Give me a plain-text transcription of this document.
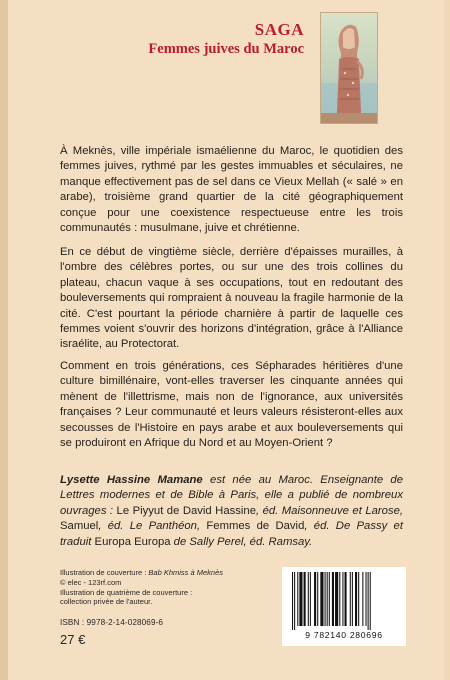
SAGA
Femmes juives du Maroc

À Meknès, ville impériale ismaélienne du Maroc, le quotidien des femmes juives, rythmé par les gestes immuables et séculaires, ne manque effectivement pas de sel dans ce Vieux Mellah (« salé » en arabe), troisième grand quartier de la cité géographiquement conçue pour une coexistence respectueuse entre les trois communautés : musulmane, juive et chrétienne.

En ce début de vingtième siècle, derrière d'épaisses murailles, à l'ombre des célèbres portes, ou sur une des trois collines du plateau, chacun vaque à ses occupations, tout en redoutant des bouleversements qui rompraient à nouveau la fragile harmonie de la cité. C'est pourtant la période charnière à partir de laquelle ces femmes voient s'ouvrir des horizons d'intégration, grâce à l'Alliance israélite, au Protectorat.

Comment en trois générations, ces Sépharades héritières d'une culture bimillénaire, vont-elles traverser les cinquante années qui mènent de l'illettrisme, mais non de l'ignorance, aux universités françaises ? Leur communauté et leurs valeurs résisteront-elles aux secousses de l'Histoire en pays arabe et aux bouleversements qui se produiront en Afrique du Nord et au Moyen-Orient ?

Lysette Hassine Mamane est née au Maroc. Enseignante de Lettres modernes et de Bible à Paris, elle a publié de nombreux ouvrages : Le Piyyut de David Hassine, éd. Maisonneuve et Larose, Samuel, éd. Le Panthéon, Femmes de David, éd. De Passy et traduit Europa Europa de Sally Perel, éd. Ramsay.

Illustration de couverture : Bab Khmiss à Meknès

© elec - 123rf.com

Illustration de quatrième de couverture :

collection privée de l'auteur.

ISBN : 9978-2-14-028069-6
27 €	9 782140 280696
